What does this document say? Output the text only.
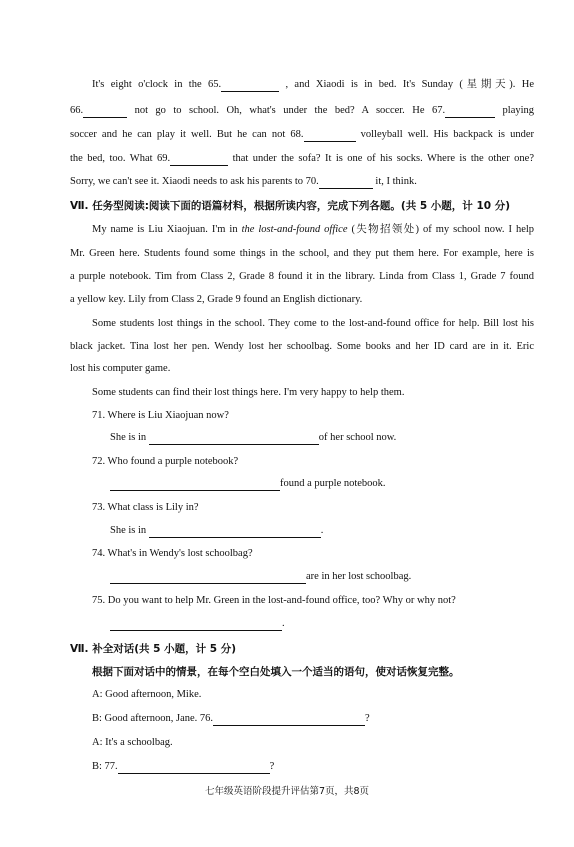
It's eight o'clock in the 65.	, and Xiaodi is in bed. It's Sunday (星期天). He
66.	not go to school. Oh, what's under the bed? A soccer. He 67.	playing
soccer and he can play it well. But he can not 68.	volleyball well. His backpack is under
the bed, too. What 69.	that under the sofa? It is one of his socks. Where is the other one?
Sorry, we can't see it. Xiaodi needs to ask his parents to 70.	it, I think.
Ⅶ. 任务型阅读:阅读下面的语篇材料，根据所读内容，完成下列各题。(共 5 小题，计 10 分)
My name is Liu Xiaojuan. I'm in the lost-and-found office (失物招领处) of my school now. I help
Mr. Green here. Students found some things in the school, and they put them here. For example, here is
a purple notebook. Tim from Class 2, Grade 8 found it in the library. Linda from Class 1, Grade 7 found
a yellow key. Lily from Class 2, Grade 9 found an English dictionary.
Some students lost things in the school. They come to the lost-and-found office for help. Bill lost his
black jacket. Tina lost her pen. Wendy lost her schoolbag. Some books and her ID card are in it. Eric
lost his computer game.
Some students can find their lost things here. I'm very happy to help them.
71. Where is Liu Xiaojuan now?
She is in	of her school now.
72. Who found a purple notebook?
found a purple notebook.
73. What class is Lily in?
She is in	.
74. What's in Wendy's lost schoolbag?
are in her lost schoolbag.
75. Do you want to help Mr. Green in the lost-and-found office, too? Why or why not?
.
Ⅶ. 补全对话(共 5 小题，计 5 分)
根据下面对话中的情景，在每个空白处填入一个适当的语句，使对话恢复完整。
A: Good afternoon, Mike.
B: Good afternoon, Jane. 76.	?
A: It's a schoolbag.
B: 77.	?
七年级英语阶段提升评估第7页，共8页
